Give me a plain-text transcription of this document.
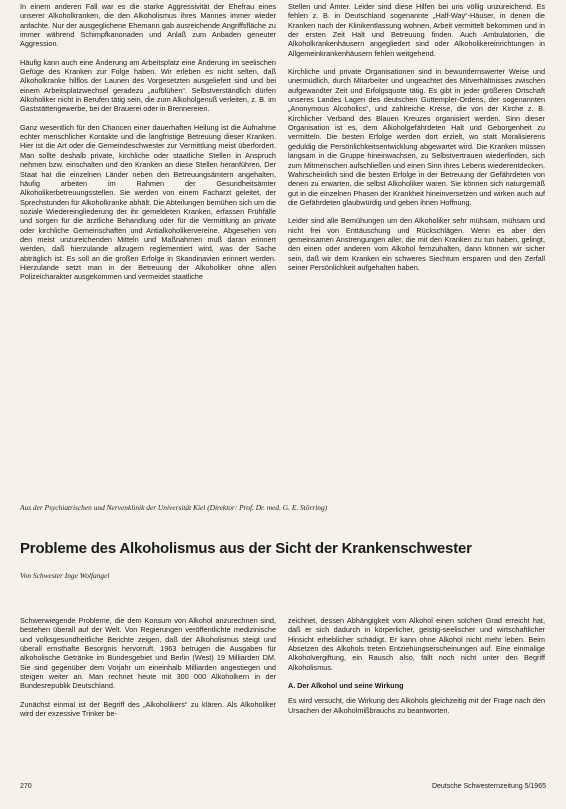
In einem anderen Fall war es die starke Aggressivität der Ehefrau eines unserer Alkoholkranken, die den Alkoholismus ihres Mannes immer wieder anfachte. Nur der ausgeglichene Ehemann gab ausreichende Angriffsfläche zu immer während Schimpfkanonaden und Anlaß zum Anbaden geneuter Aggression.

Häufig kann auch eine Änderung am Arbeitsplatz eine Änderung im seelischen Gefüge des Kranken zur Folge haben. Wir erleben es nicht selten, daß Alkoholkranke hilflos der Launen des Vorgesetzten ausgeliefert sind und bei einem Arbeitsplatzwechsel geradezu „aufblühen“. Selbstverständlich dürfen Alkoholiker nicht in Berufen tätig sein, die zum Alkoholgenuß verleiten, z. B. im Gaststättengewerbe, bei der Brauerei oder in Brennereien.

Ganz wesentlich für den Chancen einer dauerhaften Heilung ist die Aufnahme echter menschlicher Kontakte und die langfristige Betreuung dieser Kranken. Hier ist die Art oder die Gemeindeschwester zur Vermittlung meist überfordert. Man sollte deshalb private, kirchliche oder staatliche Stellen in Anspruch nehmen bzw. einschalten und den Kranken an diese Stellen heranführen. Der Staat hat die einzelnen Länder neben den Betreuungsämtern angehalten, häufig arbeiten im Rahmen der Gesundheitsämter Alkoholikerbetreuungsstellen. Sie werden von einem Facharzt geleitet, der Sprechstunden für Alkoholkranke abhält. Die Abteilungen bemühen sich um die soziale Wiedereingliederung der ihr gemeldeten Kranken, erfassen Frühfälle und sorgen für die ärztliche Behandlung oder für die Vermittlung an private oder kirchliche Gemeinschaften und Antialkoholikervereine. Abgesehen von den meist unzureichenden Mitteln und Maßnahmen muß daran erinnert werden, daß hierzulande allzugern reglementiert wird, was der Sache abträglich ist. Es soll an die großen Erfolge in Skandinavien erinnert werden. Hierzulande setzt man in der Betreuung der Alkoholiker ohne allen Polizeicharakter ausgekommen und vermeidet staatliche

Stellen und Ämter. Leider sind diese Hilfen bei uns völlig unzureichend. Es fehlen z. B. in Deutschland sogenannte „Half-Way“-Häuser, in denen die Kranken nach der Klinikentlassung wohnen, Arbeit vermittelt bekommen und in der ersten Zeit Halt und Betreuung finden. Auch Ambulatorien, die Alkoholkrankenhäusern angegliedert sind oder Alkoholikereinrichtungen in Allgemeinkrankenhäusern fehlen weitgehend.

Kirchliche und private Organisationen sind in bewundernswerter Weise und unermüdlich, durch Mitarbeiter und ungeachtet des Mitverhältnisses zwischen aufgewandter Zeit und Erfolgsquote tätig. Es gibt in jeder größeren Ortschaft unseres Landes Lagen des deutschen Guttempler-Ordens, der sogenannten „Anonymous Alcoholics“, und zahlreiche Kreise, die von der Kirche z. B. Kirchlicher Verband des Blauen Kreuzes organisiert werden. Sinn dieser Organisation ist es, dem Alkoholgefährdeten Halt und Geborgenheit zu vermitteln. Die besten Erfolge werden dort erzielt, wo statt Moralisierens geduldig die Persönlichkeitsentwicklung abgewartet wird. Die Kranken müssen langsam in die Gruppe hineinwachsen, zu Selbstvertrauen wiederfinden, sich zum Mitmenschen aufschließen und einen Sinn ihres Lebens wiederentdecken. Wahrscheinlich sind die besten Erfolge in der Betreuung der Gefährdeten von denen zu erwarten, die selbst Alkoholiker waren. Sie können sich naturgemäß gut in die einzelnen Phasen der Krankheit hineinversetzen und wirken auch auf die Gefährdeten glaubwürdig und geben ihnen Hoffnung.

Leider sind alle Bemühungen um den Alkoholiker sehr mühsam, mühsam und nicht frei von Enttäuschung und Rückschlägen. Wenn es aber den gemeinsamen Anstrengungen aller, die mit den Kranken zu tun haben, gelingt, den einen oder anderen vom Alkohol fernzuhalten, dann können wir sicher sein, daß wir dem Kranken ein schweres Siechtum ersparen und den Zerfall seiner Persönlichkeit aufgehalten haben.

Aus der Psychiatrischen und Nervenklinik der Universität Kiel (Direktor: Prof. Dr. med. G. E. Störring)
Probleme des Alkoholismus aus der Sicht der Krankenschwester
Von Schwester Inge Wolfangel

Schwerwiegende Probleme, die dem Konsum von Alkohol anzurechnen sind, bestehen überall auf der Welt. Von Regierungen veröffentlichte medizinische und volksgesundheitliche Berichte zeigen, daß der Alkoholismus steigt und überall ernsthafte Besorgnis hervorruft. 1963 betrugen die Ausgaben für alkoholische Getränke im Bundesgebiet und Berlin (West) 19 Milliarden DM. Sie sind gegenüber dem Vorjahr um eineinhalb Milliarden angestiegen und steigen weiter an. Man rechnet heute mit 300 000 Alkoholkern in der Bundesrepublik Deutschland.

Zunächst einmal ist der Begriff des „Alkoholikers“ zu klären. Als Alkoholiker wird der exzessive Trinker be-

zeichnet, dessen Abhängigkeit vom Alkohol einen solchen Grad erreicht hat, daß er sich dadurch in körperlicher, geistig-seelischer und wirtschaftlicher Hinsicht erheblicher schädigt. Er kann ohne Alkohol nicht mehr leben. Beim Absetzen des Alkohols treten Entziehungserscheinungen auf. Eine einmalige Alkoholvergiftung, ein Rausch also, fällt noch nicht unter den Begriff Alkoholismus.

A. Der Alkohol und seine Wirkung

Es wird versucht, die Wirkung des Alkohols gleichzeitig mit der Frage nach den Ursachen der Alkoholmißbrauchs zu beantworten.

270	Deutsche Schwesternzeitung 5/1965
